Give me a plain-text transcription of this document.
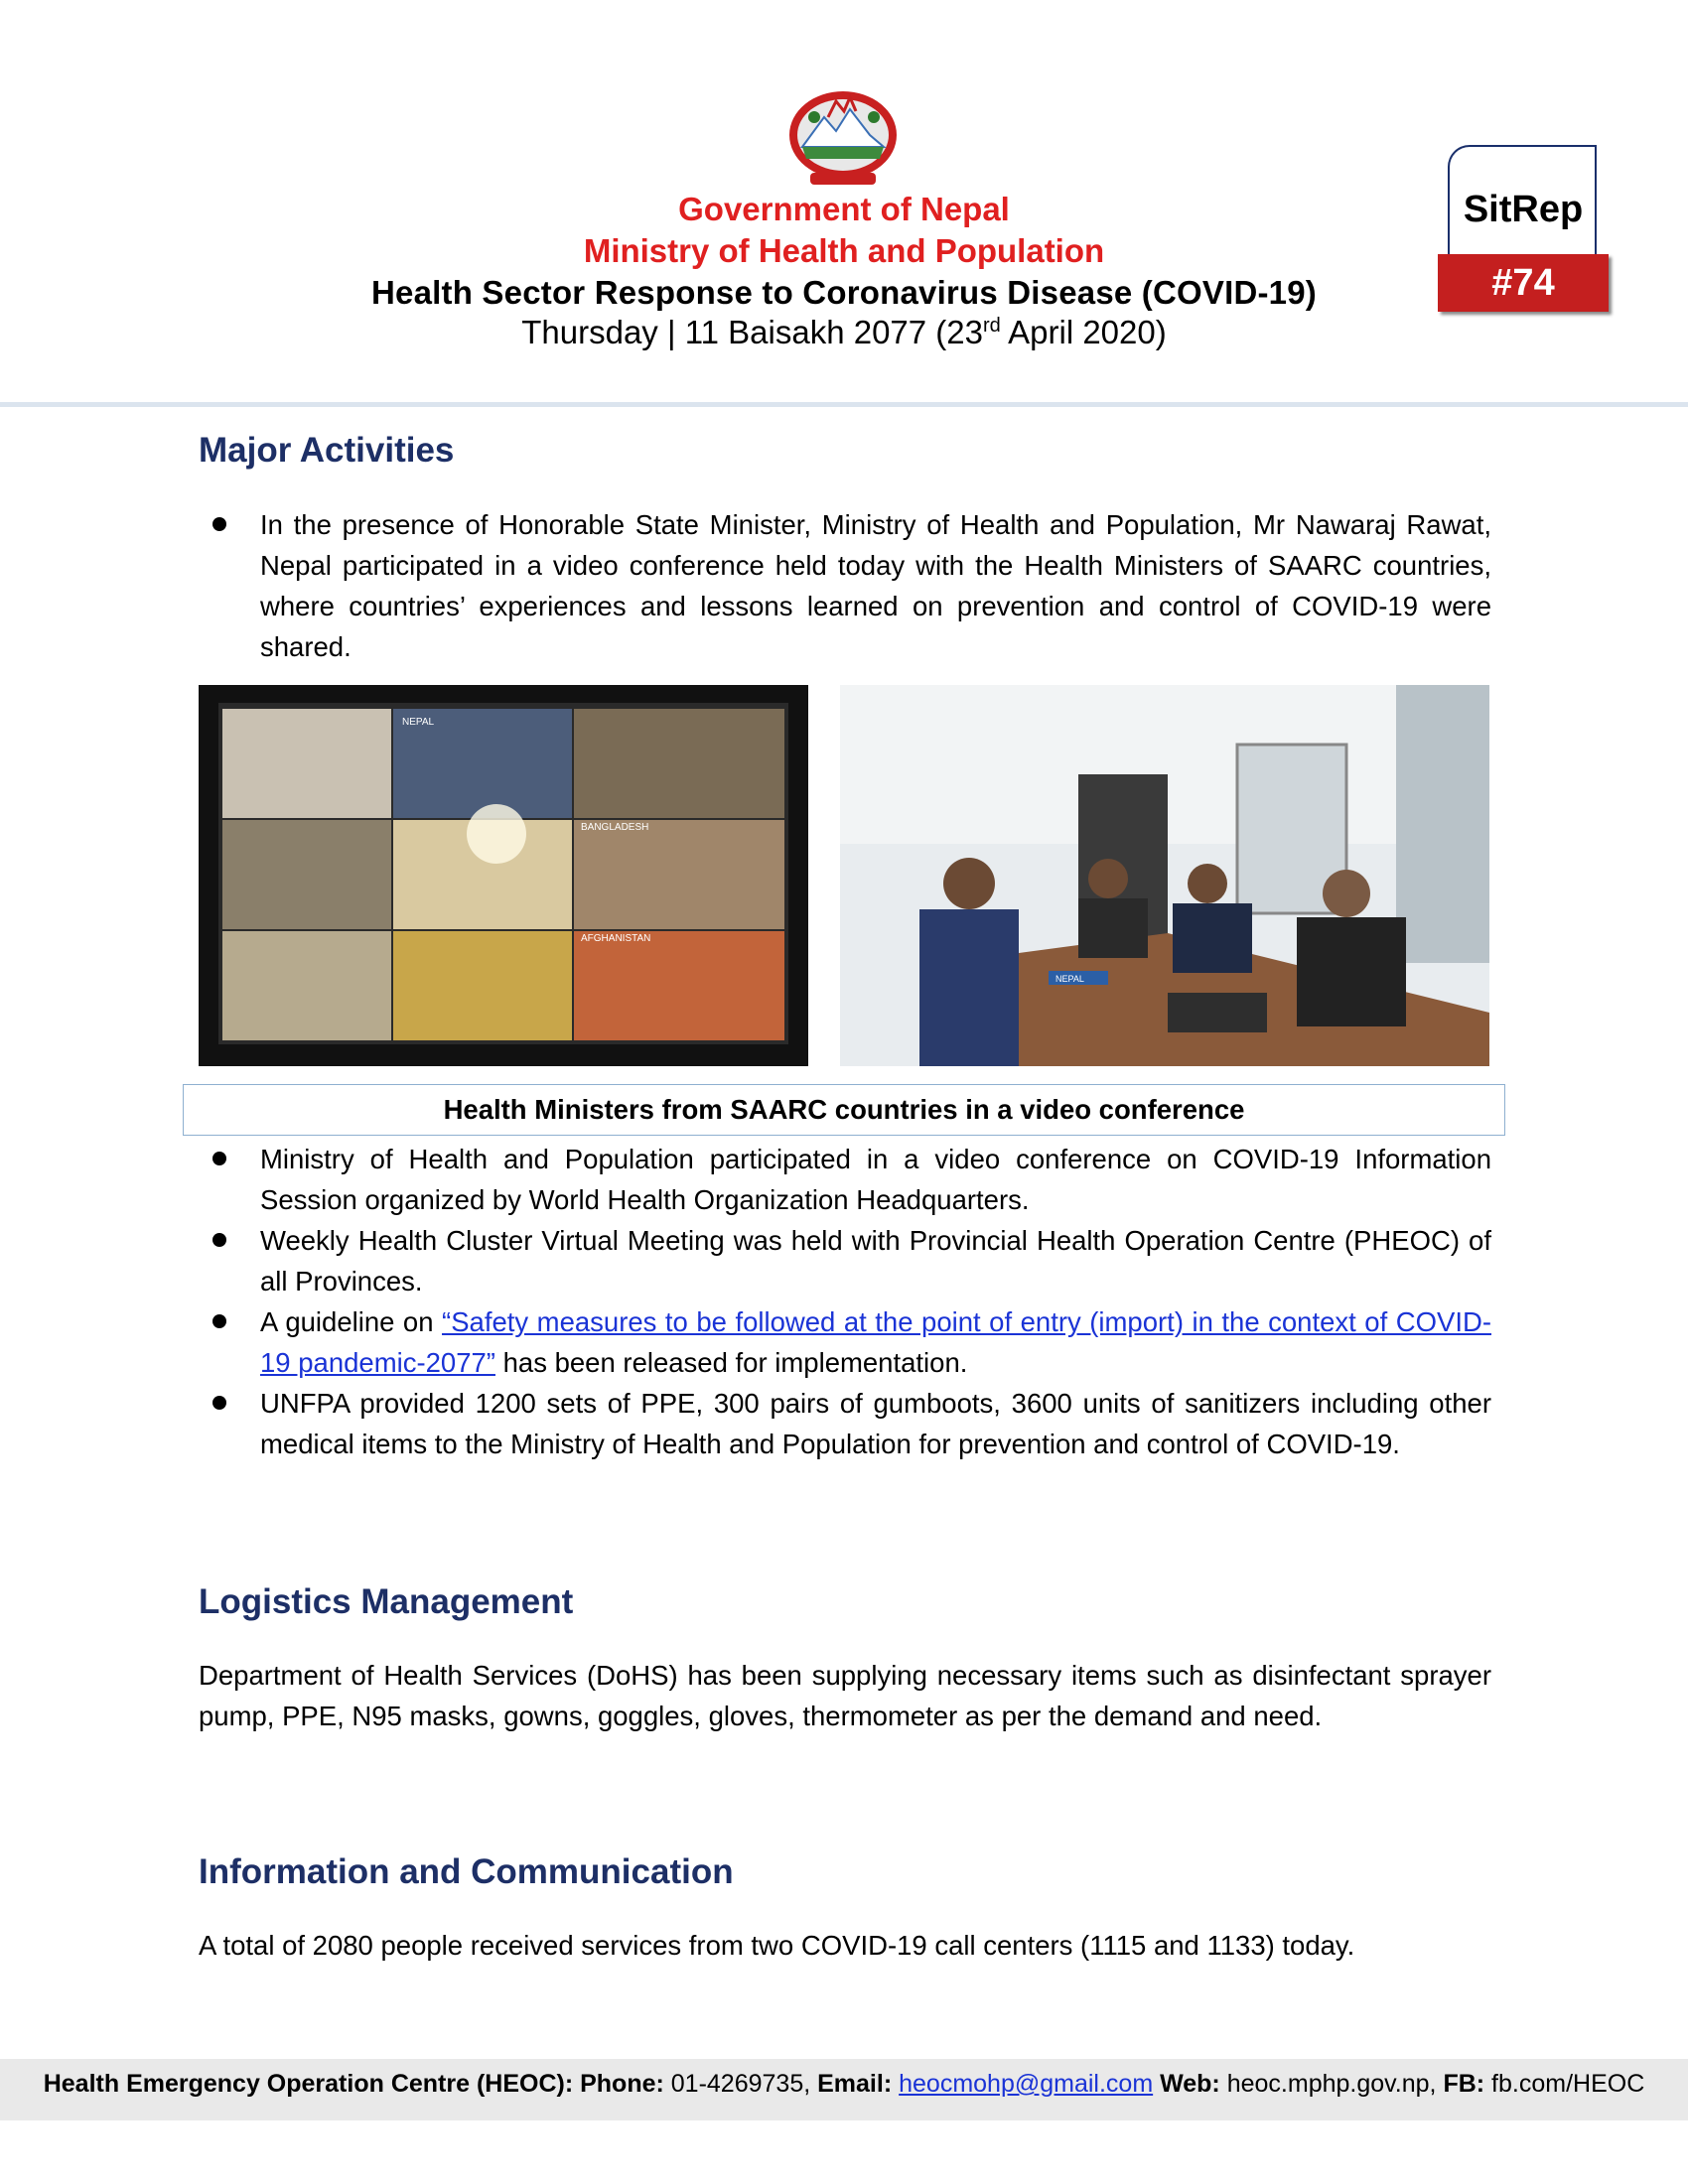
Government of Nepal
Ministry of Health and Population
Health Sector Response to Coronavirus Disease (COVID-19)
Thursday | 11 Baisakh 2077 (23rd April 2020)
SitRep
#74
Major Activities
In the presence of Honorable State Minister, Ministry of Health and Population, Mr Nawaraj Rawat, Nepal participated in a video conference held today with the Health Ministers of SAARC countries, where countries’ experiences and lessons learned on prevention and control of COVID-19 were shared.
NEPAL
BANGLADESH
AFGHANISTAN
NEPAL
Health Ministers from SAARC countries in a video conference
Ministry of Health and Population participated in a video conference on COVID-19 Information Session organized by World Health Organization Headquarters.
Weekly Health Cluster Virtual Meeting was held with Provincial Health Operation Centre (PHEOC) of all Provinces.
A guideline on “Safety measures to be followed at the point of entry (import) in the context of COVID-19 pandemic-2077” has been released for implementation.
UNFPA provided 1200 sets of PPE, 300 pairs of gumboots, 3600 units of sanitizers including other medical items to the Ministry of Health and Population for prevention and control of COVID-19.
Logistics Management
Department of Health Services (DoHS) has been supplying necessary items such as disinfectant sprayer pump, PPE, N95 masks, gowns, goggles, gloves, thermometer as per the demand and need.
Information and Communication
A total of 2080 people received services from two COVID-19 call centers (1115 and 1133) today.
Health Emergency Operation Centre (HEOC): Phone: 01-4269735, Email: heocmohp@gmail.com Web: heoc.mphp.gov.np, FB: fb.com/HEOC
